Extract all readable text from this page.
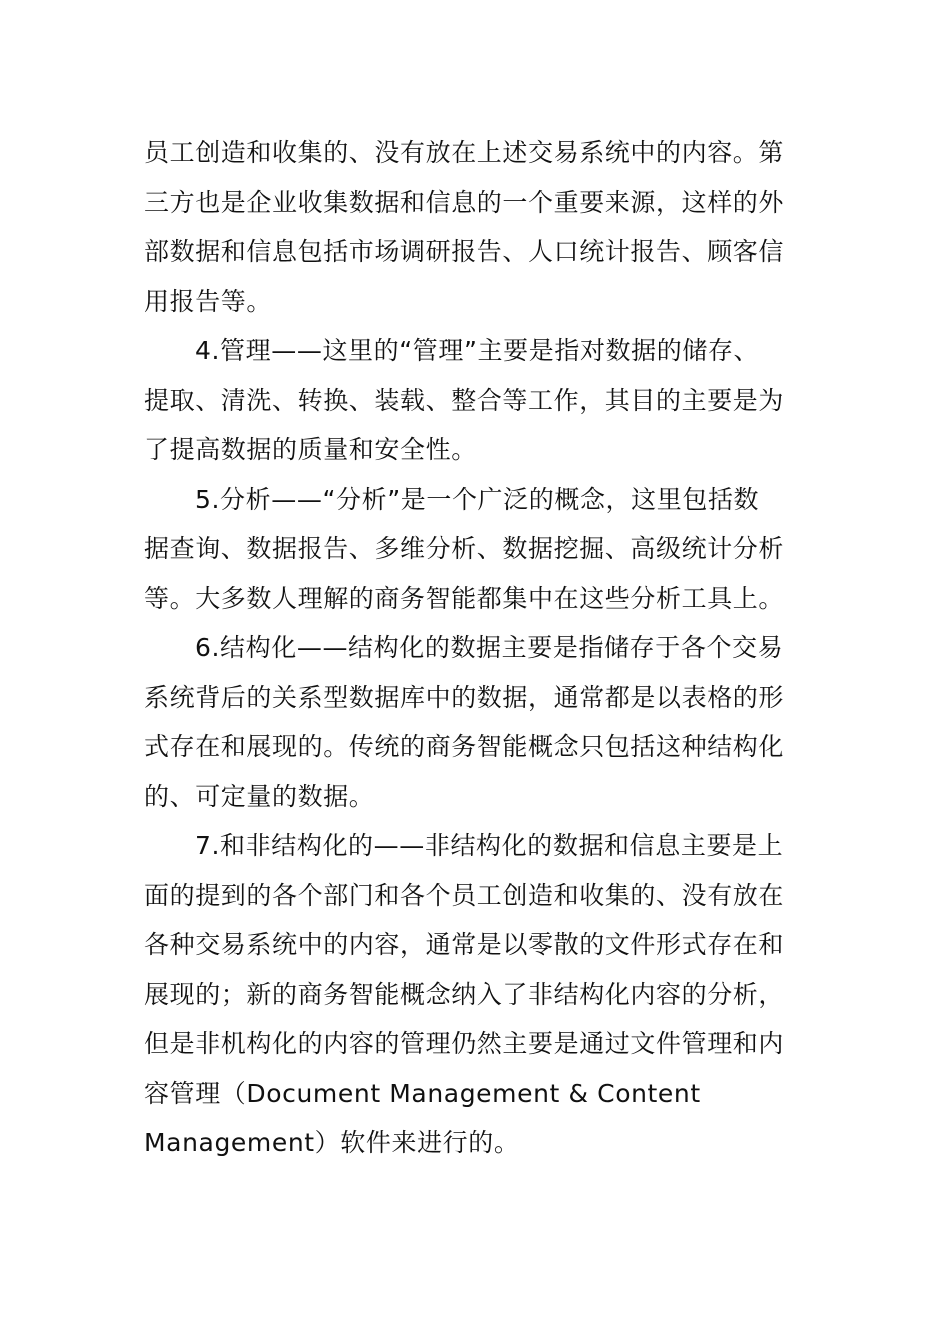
员工创造和收集的、没有放在上述交易系统中的内容。第
三方也是企业收集数据和信息的一个重要来源，这样的外
部数据和信息包括市场调研报告、人口统计报告、顾客信
用报告等。
4.管理——这里的“管理”主要是指对数据的储存、
提取、清洗、转换、装载、整合等工作，其目的主要是为
了提高数据的质量和安全性。
5.分析——“分析”是一个广泛的概念，这里包括数
据查询、数据报告、多维分析、数据挖掘、高级统计分析
等。大多数人理解的商务智能都集中在这些分析工具上。
6.结构化——结构化的数据主要是指储存于各个交易
系统背后的关系型数据库中的数据，通常都是以表格的形
式存在和展现的。传统的商务智能概念只包括这种结构化
的、可定量的数据。
7.和非结构化的——非结构化的数据和信息主要是上
面的提到的各个部门和各个员工创造和收集的、没有放在
各种交易系统中的内容，通常是以零散的文件形式存在和
展现的；新的商务智能概念纳入了非结构化内容的分析，
但是非机构化的内容的管理仍然主要是通过文件管理和内
容管理（Document Management & Content
Management）软件来进行的。
